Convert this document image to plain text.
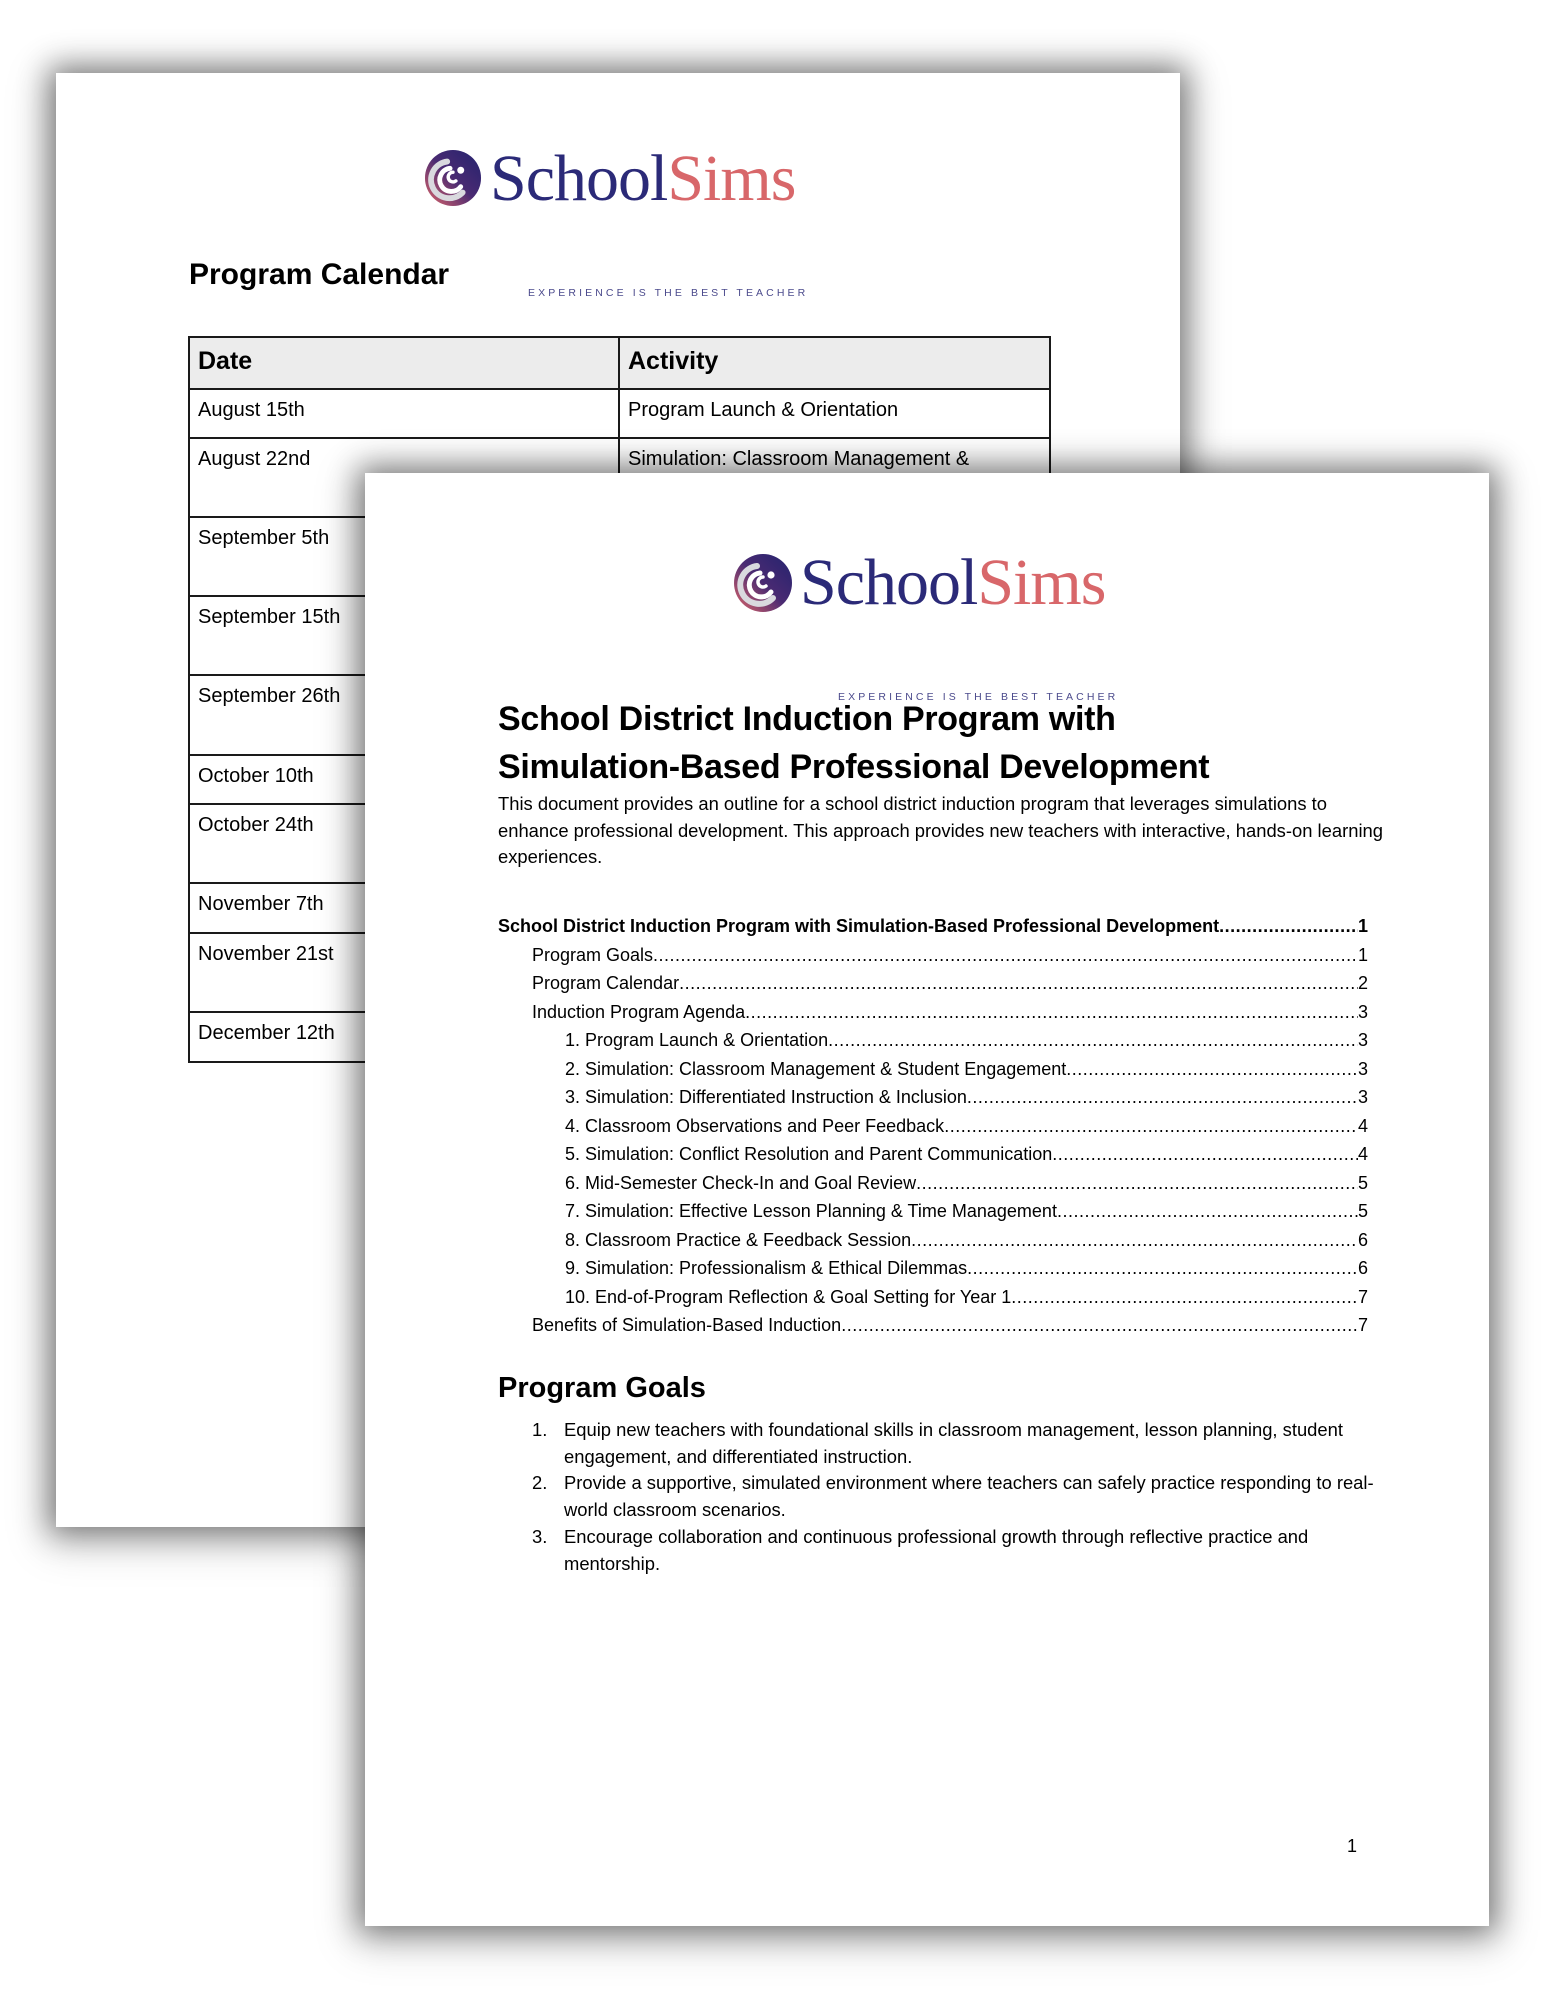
SchoolSims
EXPERIENCE IS THE BEST TEACHER
Program Calendar
Date	Activity
August 15th	Program Launch & Orientation
August 22nd	Simulation: Classroom Management &
September 5th	
September 15th	
September 26th	
October 10th	
October 24th	
November 7th	
November 21st	
December 12th	
SchoolSims
EXPERIENCE IS THE BEST TEACHER
School District Induction Program with
Simulation-Based Professional Development

This document provides an outline for a school district induction program that leverages simulations to enhance professional development. This approach provides new teachers with interactive, hands-on learning experiences.

School District Induction Program with Simulation-Based Professional Development .....	1
Program Goals .....	1
Program Calendar .....	2
Induction Program Agenda .....	3
1. Program Launch & Orientation .....	3
2. Simulation: Classroom Management & Student Engagement .....	3
3. Simulation: Differentiated Instruction & Inclusion .....	3
4. Classroom Observations and Peer Feedback .....	4
5. Simulation: Conflict Resolution and Parent Communication .....	4
6. Mid-Semester Check-In and Goal Review .....	5
7. Simulation: Effective Lesson Planning & Time Management .....	5
8. Classroom Practice & Feedback Session .....	6
9. Simulation: Professionalism & Ethical Dilemmas .....	6
10. End-of-Program Reflection & Goal Setting for Year 1 .....	7
Benefits of Simulation-Based Induction .....	7
Program Goals
1. Equip new teachers with foundational skills in classroom management, lesson planning, student engagement, and differentiated instruction.
2. Provide a supportive, simulated environment where teachers can safely practice responding to real-world classroom scenarios.
3. Encourage collaboration and continuous professional growth through reflective practice and mentorship.
1
